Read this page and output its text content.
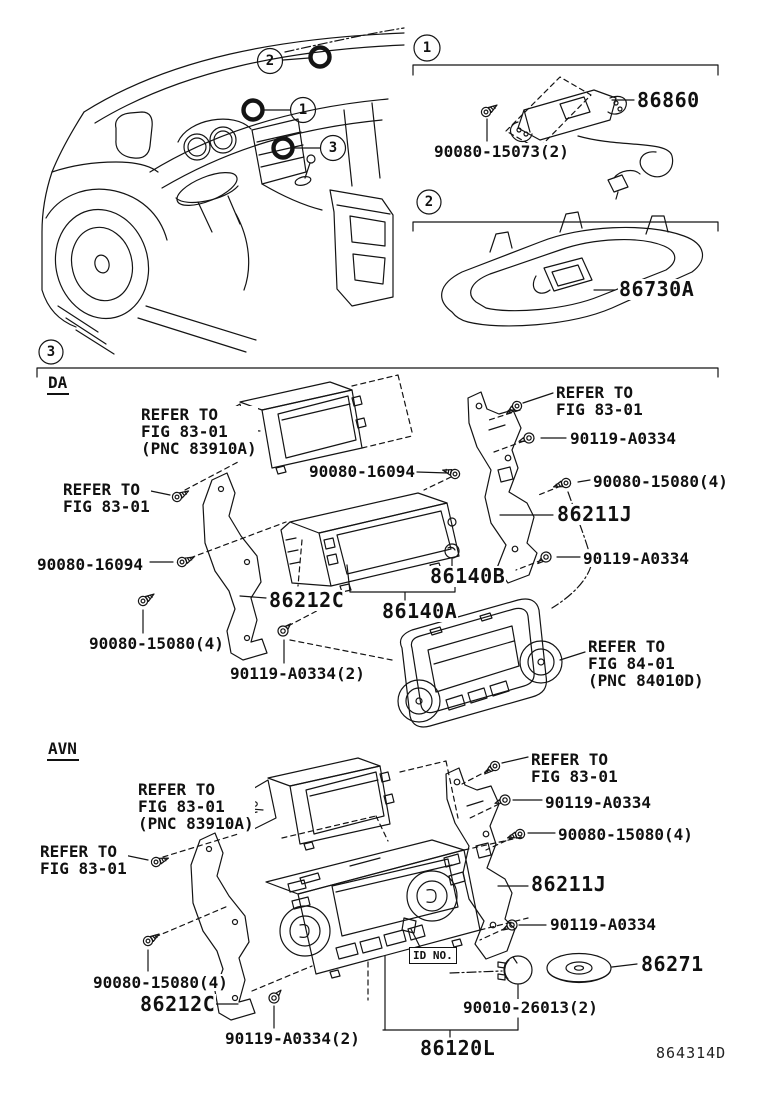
2
1
3
1
2
3
86860
90080-15073(2)
86730A
DA
REFER TO
FIG 83-01
(PNC 83910A)
REFER TO
FIG 83-01
REFER TO
FIG 83-01
90080-16094
90119-A0334
90080-15080(4)
86211J
90119-A0334
86140B
90080-16094
86212C 86140A
90080-15080(4)
90119-A0334(2)
REFER TO
FIG 84-01
(PNC 84010D)
AVN
REFER TO
FIG 83-01
(PNC 83910A)
REFER TO
FIG 83-01
REFER TO
FIG 83-01
90119-A0334
90080-15080(4)
86211J
90119-A0334
90080-15080(4)
86212C
90119-A0334(2)
ID NO.	86271
90010-26013(2)
86120L	864314D
